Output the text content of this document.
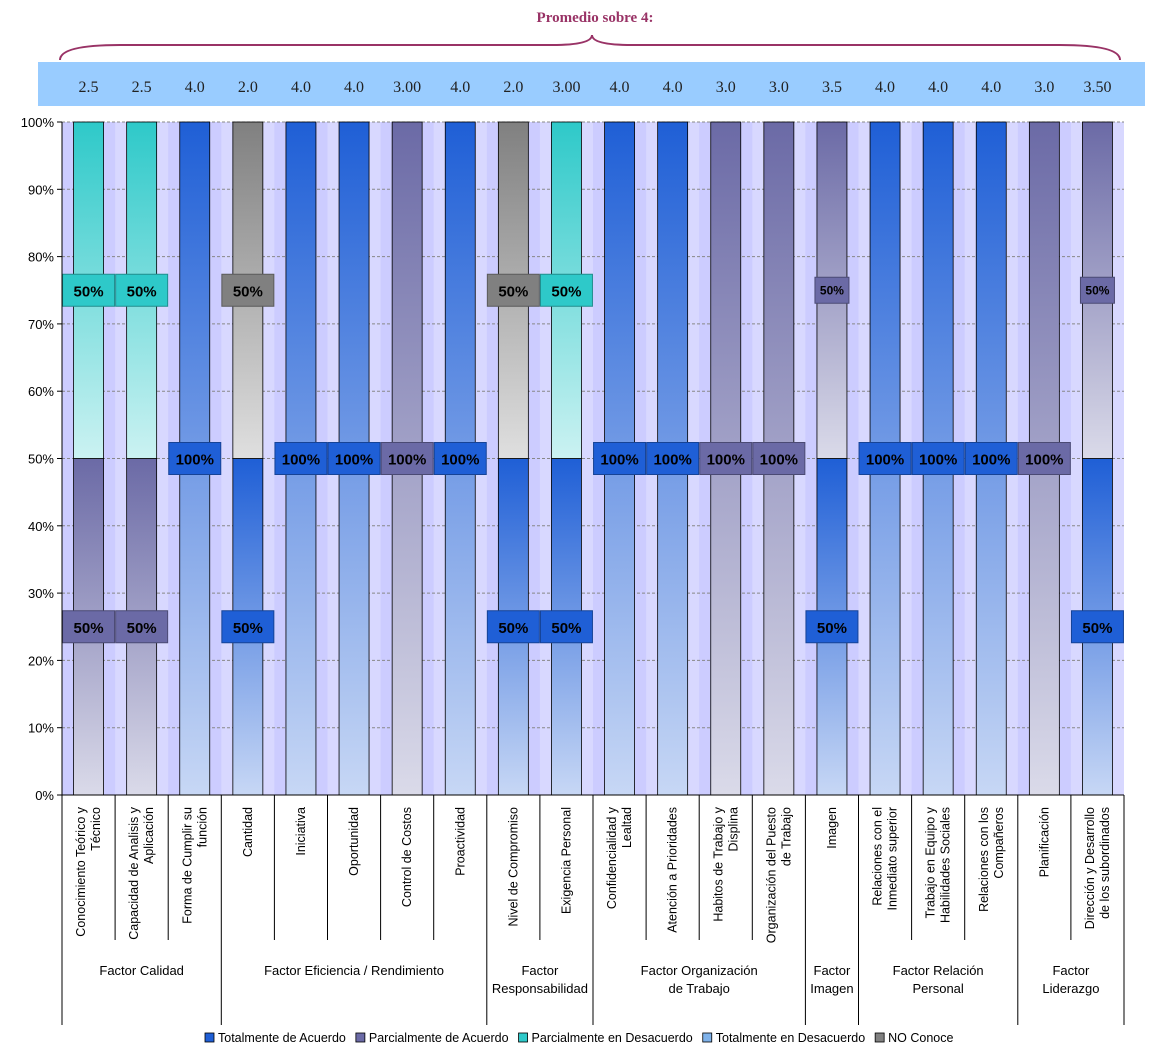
Promedio sobre 4:
2.5 2.5 4.0 2.0 4.0 4.0 3.00 4.0 2.0 3.00 4.0 4.0 3.0 3.0 3.5 4.0 4.0 4.0 3.0 3.50
50%
50%
50%
50%
100%
50%
50%
100% 100% 100% 100%
50%
50%
50%
50%
100% 100% 100% 100%
50%
50%
100% 100% 100% 100%
50%
50%
0%
10%
20%
30%
40%
50%
60%
70%
80%
90%
100%
Conocimiento Teórico y Técnico Capacidad de Analisis y Aplicación Forma de Cumplir su función	Cantidad	Iniciativa	Oportunidad	Control de Costos	Proactividad	Nivel de Compromiso	Exigencia Personal	Confidencialidad y Lealtad	Atención a Prioridades	Habitos de Trabajo y Displina Organización del Puesto de Trabajo	Imagen	Relaciones con el Inmediato superior Trabajo en Equipo y Habilidades Sociales Relaciones con los Compañeros	Planificación	Dirección y Desarrollo de los subordinados
Factor Calidad	Factor Eficiencia / Rendimiento	Factor
Responsabilidad
Factor Organización
de Trabajo
Factor
Imagen
Factor Relación
Personal
Factor
Liderazgo
Totalmente de Acuerdo Parcialmente de Acuerdo Parcialmente en Desacuerdo Totalmente en Desacuerdo NO Conoce
